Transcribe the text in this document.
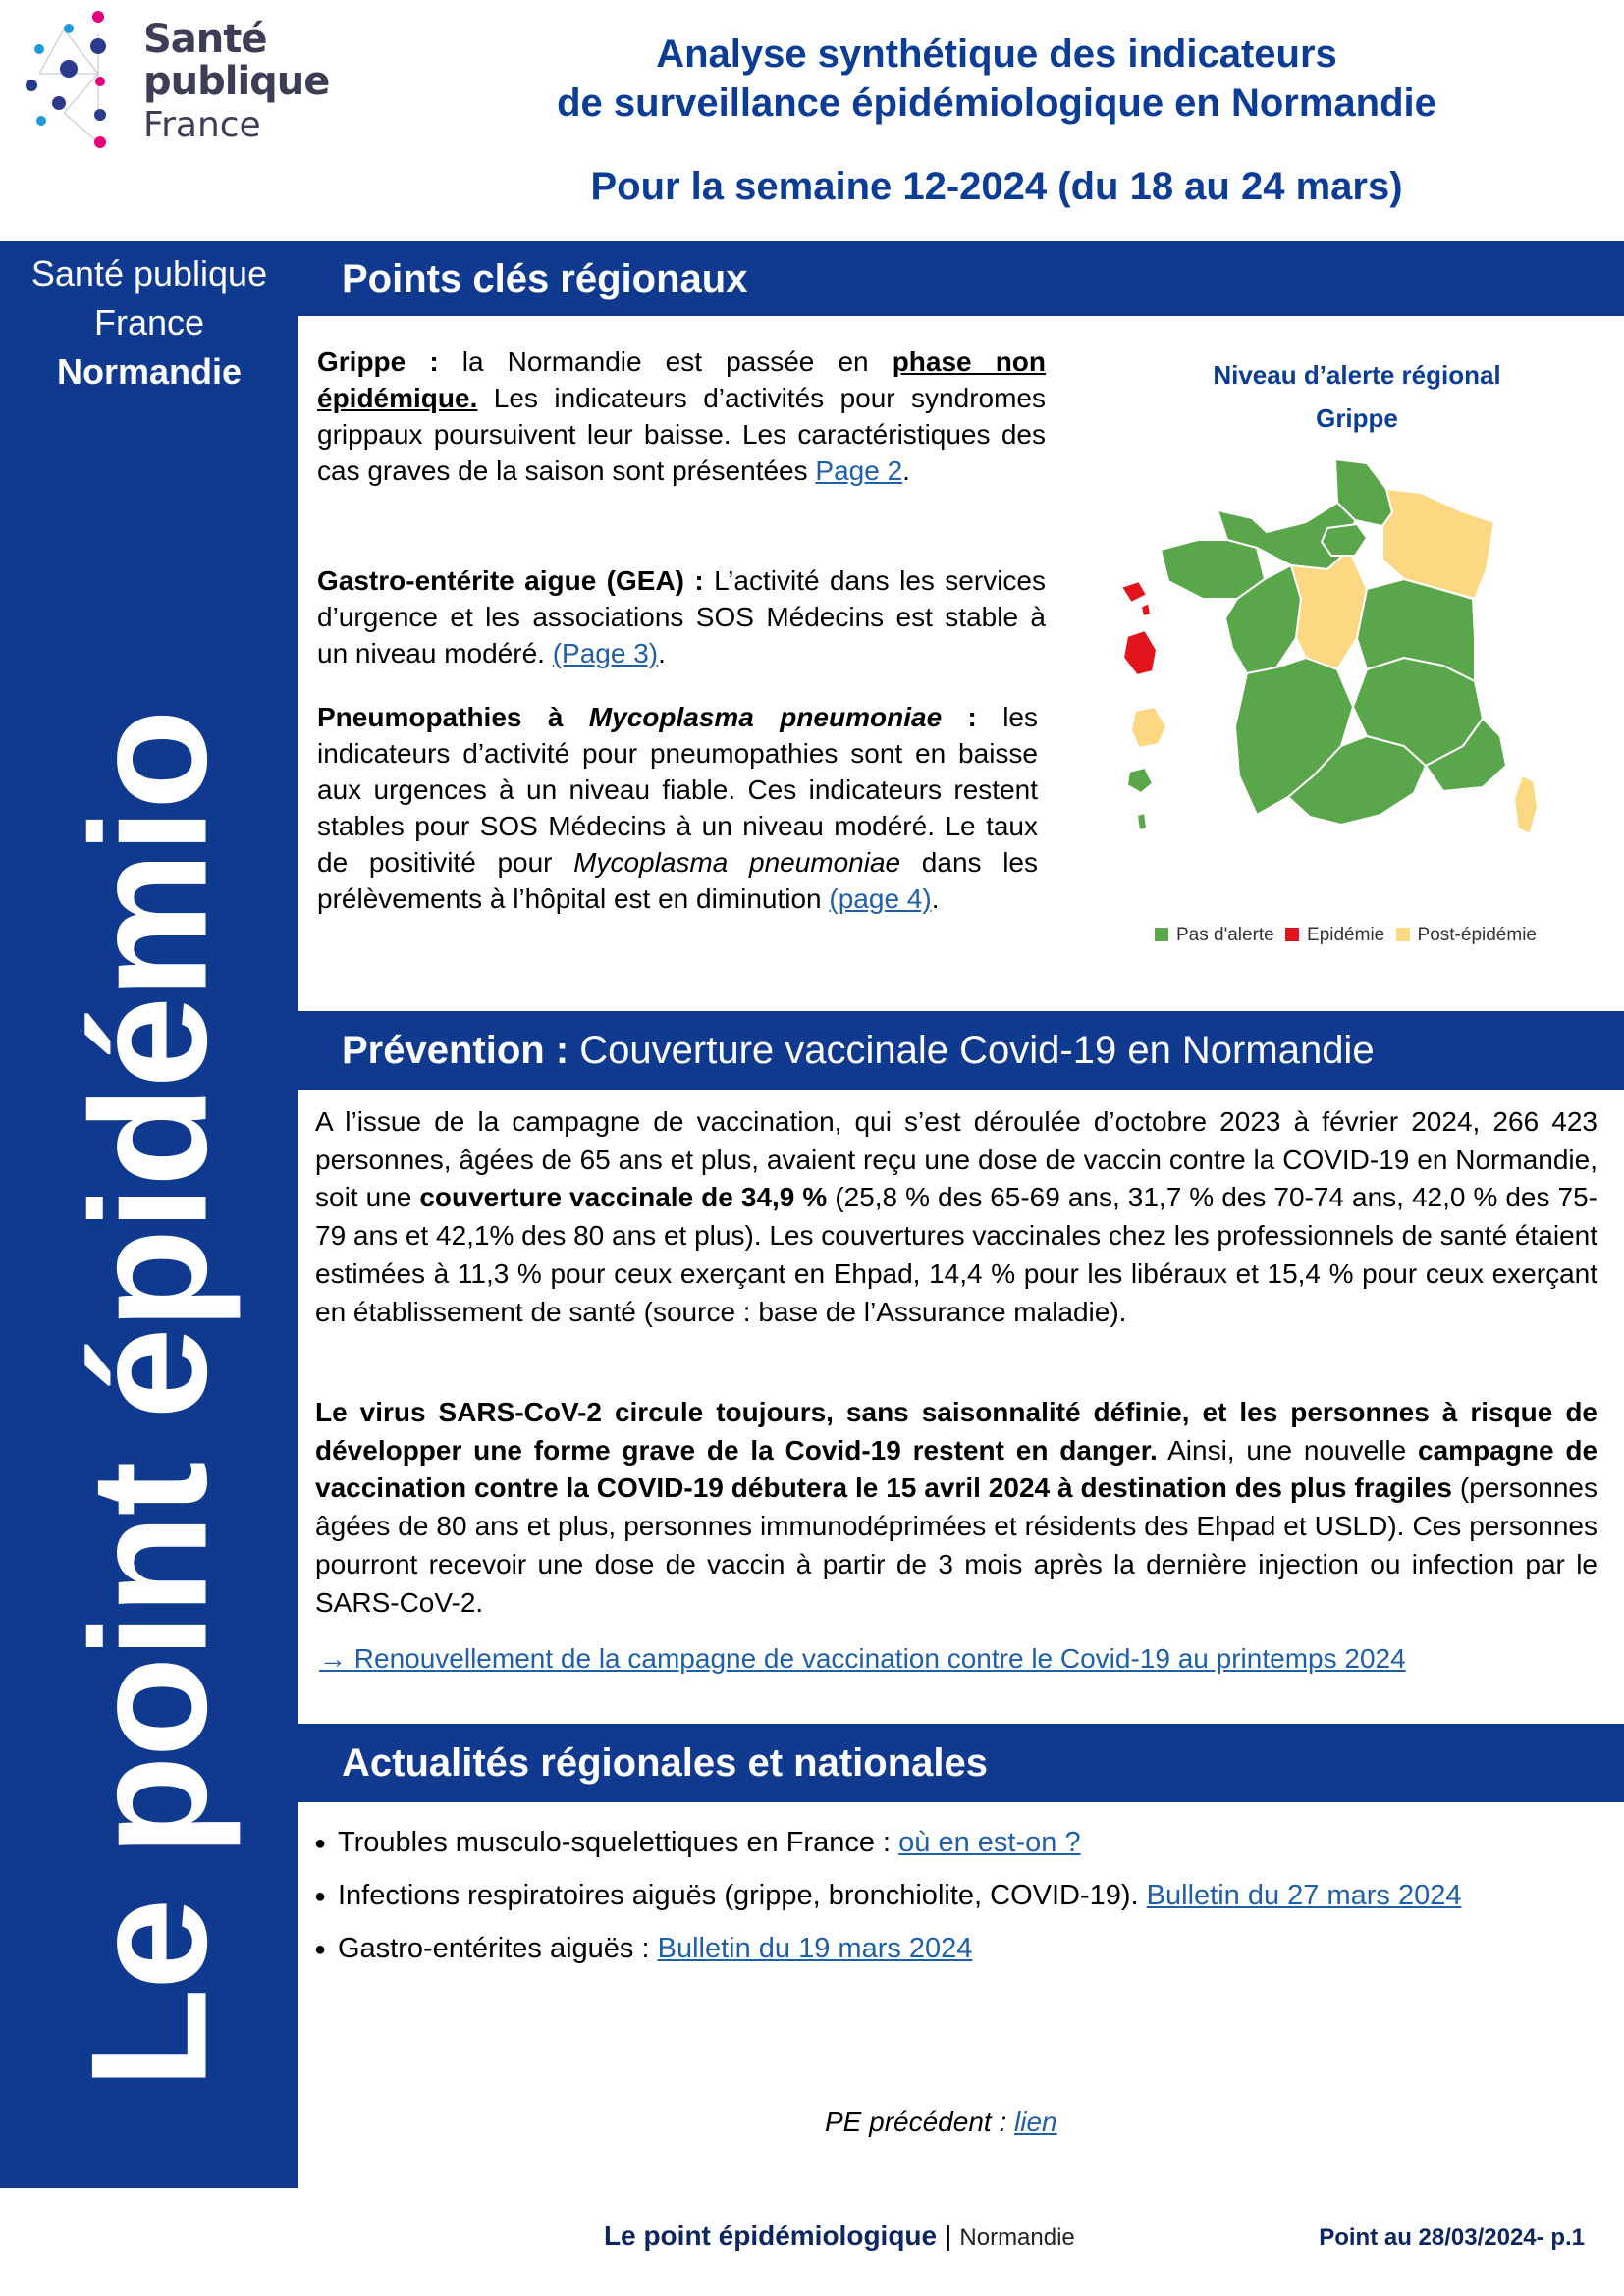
Santé
publique
France
Analyse synthétique des indicateurs
de surveillance épidémiologique en Normandie
Pour la semaine 12-2024 (du 18 au 24 mars)
Santé publique
France
Normandie
Le point épidémio
Points clés régionaux
Grippe : la Normandie est passée en phase non épidémique. Les indicateurs d’activités pour syndromes grippaux poursuivent leur baisse. Les caractéristiques des cas graves de la saison sont présentées Page 2.
Gastro-entérite aigue (GEA) : L’activité dans les services d’urgence et les associations SOS Médecins est stable à un niveau modéré. (Page 3).
Pneumopathies à Mycoplasma pneumoniae : les indicateurs d’activité pour pneumopathies sont en baisse aux urgences à un niveau fiable. Ces indicateurs restent stables pour SOS Médecins à un niveau modéré. Le taux de positivité pour Mycoplasma pneumoniae dans les prélèvements à l’hôpital est en diminution (page 4).
Niveau d’alerte régional
Grippe
Pas d'alerte Epidémie Post-épidémie
Prévention : Couverture vaccinale Covid-19 en Normandie
A l’issue de la campagne de vaccination, qui s’est déroulée d’octobre 2023 à février 2024, 266 423 personnes, âgées de 65 ans et plus, avaient reçu une dose de vaccin contre la COVID-19 en Normandie, soit une couverture vaccinale de 34,9 % (25,8 % des 65-69 ans, 31,7 % des 70-74 ans, 42,0 % des 75-79 ans et 42,1% des 80 ans et plus). Les couvertures vaccinales chez les professionnels de santé étaient estimées à 11,3 % pour ceux exerçant en Ehpad, 14,4 % pour les libéraux et 15,4 % pour ceux exerçant en établissement de santé (source : base de l’Assurance maladie).
Le virus SARS-CoV-2 circule toujours, sans saisonnalité définie, et les personnes à risque de développer une forme grave de la Covid-19 restent en danger. Ainsi, une nouvelle campagne de vaccination contre la COVID-19 débutera le 15 avril 2024 à destination des plus fragiles (personnes âgées de 80 ans et plus, personnes immunodéprimées et résidents des Ehpad et USLD). Ces personnes pourront recevoir une dose de vaccin à partir de 3 mois après la dernière injection ou infection par le SARS-CoV-2.
→ Renouvellement de la campagne de vaccination contre le Covid-19 au printemps 2024
Actualités régionales et nationales
● Troubles musculo-squelettiques en France : où en est-on ?
● Infections respiratoires aiguës (grippe, bronchiolite, COVID-19). Bulletin du 27 mars 2024
● Gastro-entérites aiguës : Bulletin du 19 mars 2024
PE précédent : lien
Le point épidémiologique | Normandie	Point au 28/03/2024- p.1
